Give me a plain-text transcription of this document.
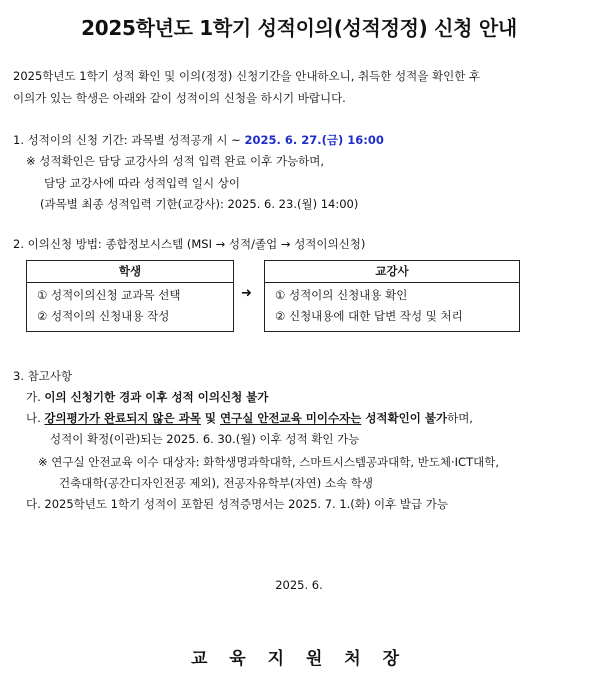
2025학년도 1학기 성적이의(성적정정) 신청 안내
2025학년도 1학기 성적 확인 및 이의(정정) 신청기간을 안내하오니, 취득한 성적을 확인한 후
이의가 있는 학생은 아래와 같이 성적이의 신청을 하시기 바랍니다.
1. 성적이의 신청 기간: 과목별 성적공개 시 ~ 2025. 6. 27.(금) 16:00
※ 성적확인은 담당 교강사의 성적 입력 완료 이후 가능하며,
담당 교강사에 따라 성적입력 일시 상이
(과목별 최종 성적입력 기한(교강사): 2025. 6. 23.(월) 14:00)
2. 이의신청 방법: 종합정보시스템 (MSI → 성적/졸업 → 성적이의신청)
학생
① 성적이의신청 교과목 선택
② 성적이의 신청내용 작성
➜
교강사
① 성적이의 신청내용 확인
② 신청내용에 대한 답변 작성 및 처리
3. 참고사항
가. 이의 신청기한 경과 이후 성적 이의신청 불가
나. 강의평가가 완료되지 않은 과목 및 연구실 안전교육 미이수자는 성적확인이 불가하며,
성적이 확정(이관)되는 2025. 6. 30.(월) 이후 성적 확인 가능
※ 연구실 안전교육 이수 대상자: 화학생명과학대학, 스마트시스템공과대학, 반도체·ICT대학,
건축대학(공간디자인전공 제외), 전공자유학부(자연) 소속 학생
다. 2025학년도 1학기 성적이 포함된 성적증명서는 2025. 7. 1.(화) 이후 발급 가능
2025. 6.
교 육 지 원 처 장
